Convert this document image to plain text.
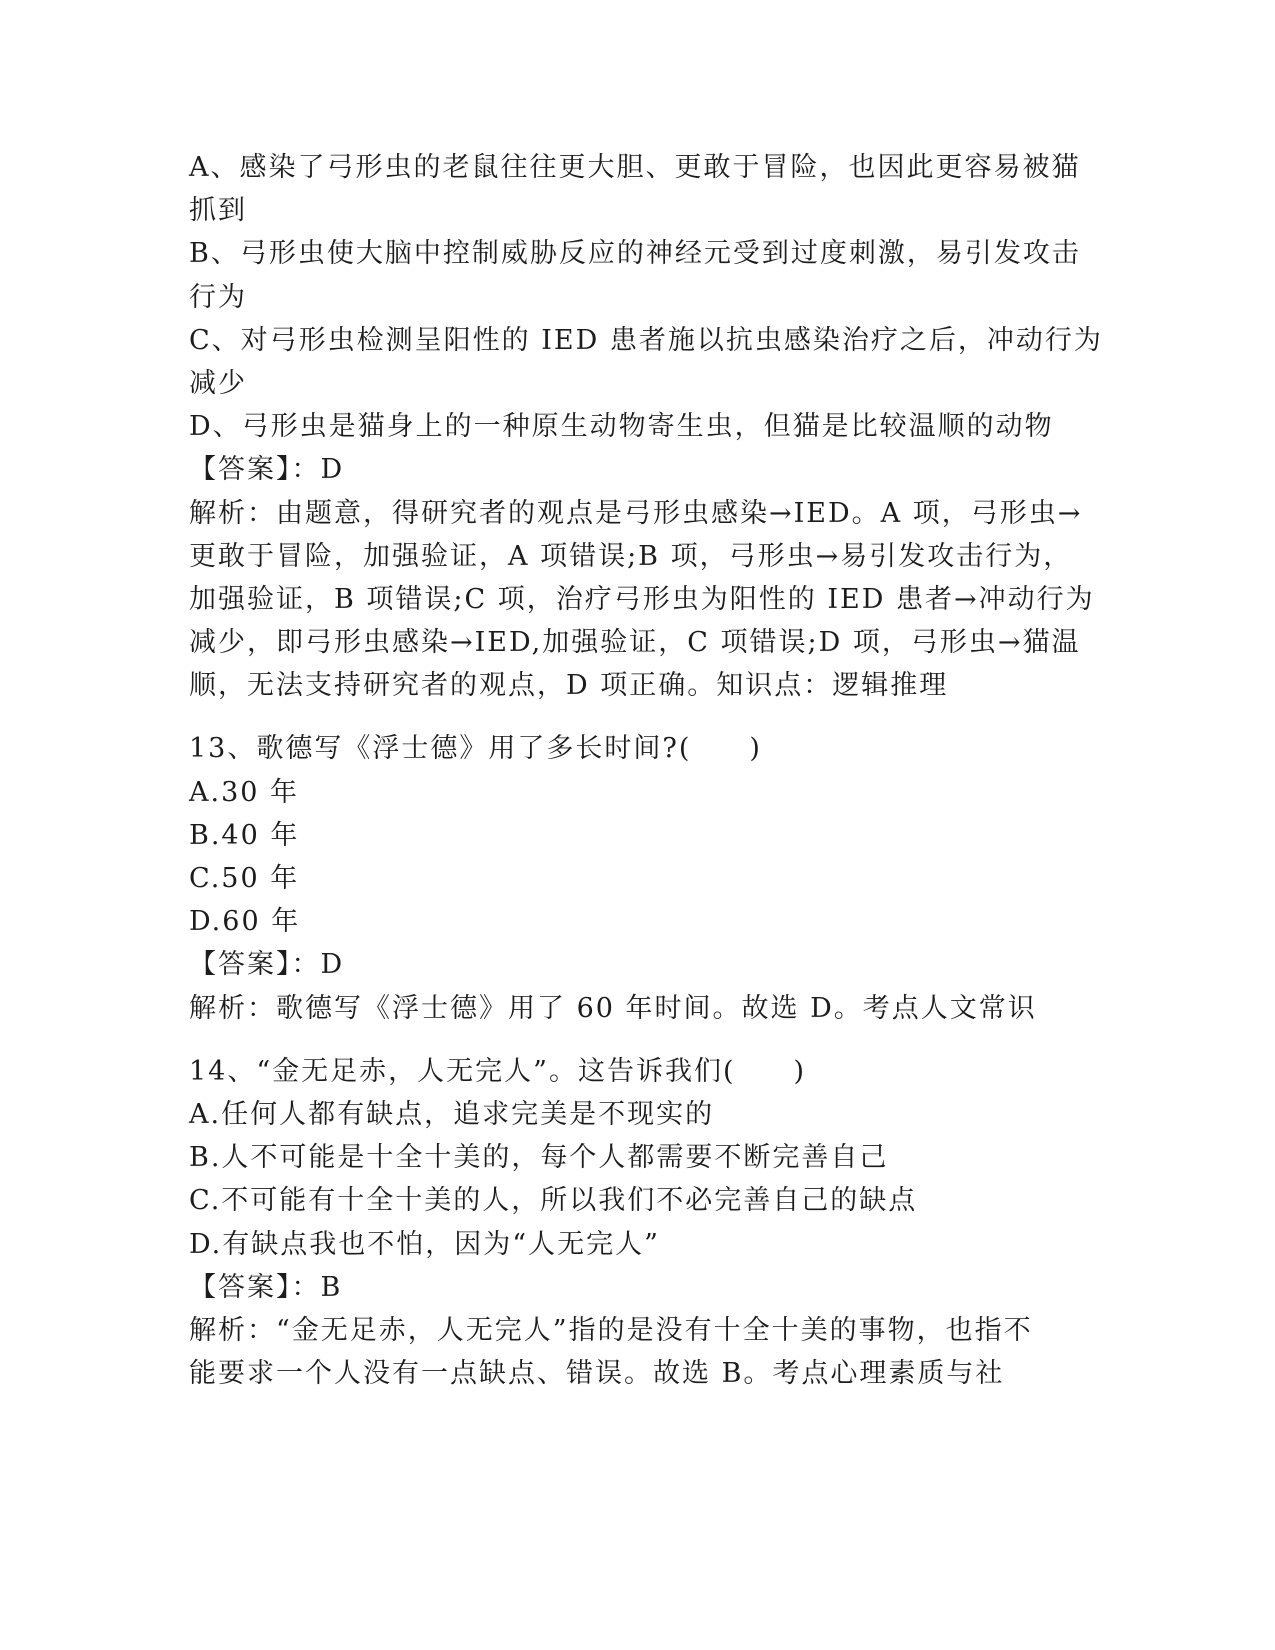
A、感染了弓形虫的老鼠往往更大胆、更敢于冒险，也因此更容易被猫
抓到
B、弓形虫使大脑中控制威胁反应的神经元受到过度刺激，易引发攻击
行为
C、对弓形虫检测呈阳性的 IED 患者施以抗虫感染治疗之后，冲动行为
减少
D、弓形虫是猫身上的一种原生动物寄生虫，但猫是比较温顺的动物
【答案】：D
解析：由题意，得研究者的观点是弓形虫感染→IED。A 项，弓形虫→
更敢于冒险，加强验证，A 项错误;B 项，弓形虫→易引发攻击行为，
加强验证，B 项错误;C 项，治疗弓形虫为阳性的 IED 患者→冲动行为
减少，即弓形虫感染→IED,加强验证，C 项错误;D 项，弓形虫→猫温
顺，无法支持研究者的观点，D 项正确。知识点：逻辑推理
13、歌德写《浮士德》用了多长时间?(　　)
A.30 年
B.40 年
C.50 年
D.60 年
【答案】：D
解析：歌德写《浮士德》用了 60 年时间。故选 D。考点人文常识
14、“金无足赤，人无完人”。这告诉我们(　　)
A.任何人都有缺点，追求完美是不现实的
B.人不可能是十全十美的，每个人都需要不断完善自己
C.不可能有十全十美的人，所以我们不必完善自己的缺点
D.有缺点我也不怕，因为“人无完人”
【答案】：B
解析：“金无足赤，人无完人”指的是没有十全十美的事物，也指不
能要求一个人没有一点缺点、错误。故选 B。考点心理素质与社
